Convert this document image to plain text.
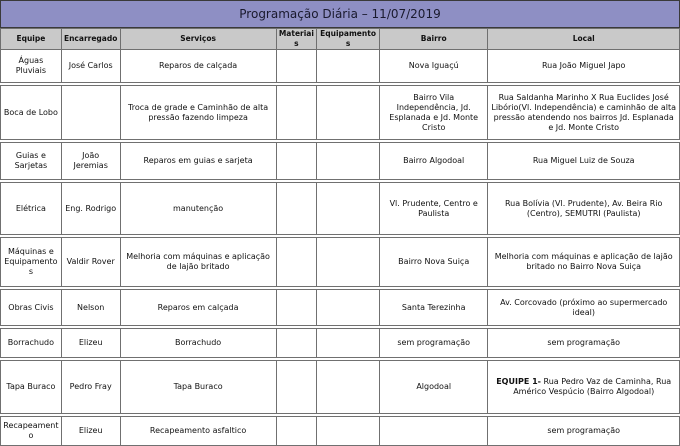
Programação Diária – 11/07/2019
Equipe	Encarregado	Serviços	Materiais	Equipamentos	Bairro	Local
Águas Pluviais	José Carlos	Reparos de calçada			Nova Iguaçú	Rua João Miguel Japo

Boca de Lobo		Troca de grade e Caminhão de alta pressão fazendo limpeza			Bairro Vila Independência, Jd. Esplanada e Jd. Monte Cristo	Rua Saldanha Marinho X Rua Euclides José Libório(Vl. Independência) e caminhão de alta pressão atendendo nos bairros Jd. Esplanada e Jd. Monte Cristo

Guias e Sarjetas	João Jeremias	Reparos em guias e sarjeta			Bairro Algodoal	Rua Miguel Luiz de Souza

Elétrica	Eng. Rodrigo	manutenção			Vl. Prudente, Centro e Paulista	Rua Bolívia (Vl. Prudente), Av. Beira Rio (Centro), SEMUTRI (Paulista)

Máquinas e Equipamentos	Valdir Rover	Melhoria com máquinas e aplicação de lajão britado			Bairro Nova Suiça	Melhoria com máquinas e aplicação de lajão britado no Bairro Nova Suiça

Obras Civis	Nelson	Reparos em calçada			Santa Terezinha	Av. Corcovado (próximo ao supermercado ideal)

Borrachudo	Elizeu	Borrachudo			sem programação	sem programação

Tapa Buraco	Pedro Fray	Tapa Buraco			Algodoal	EQUIPE 1- Rua Pedro Vaz de Caminha, Rua Américo Vespúcio (Bairro Algodoal)

Recapeamento	Elizeu	Recapeamento asfaltico				sem programação
